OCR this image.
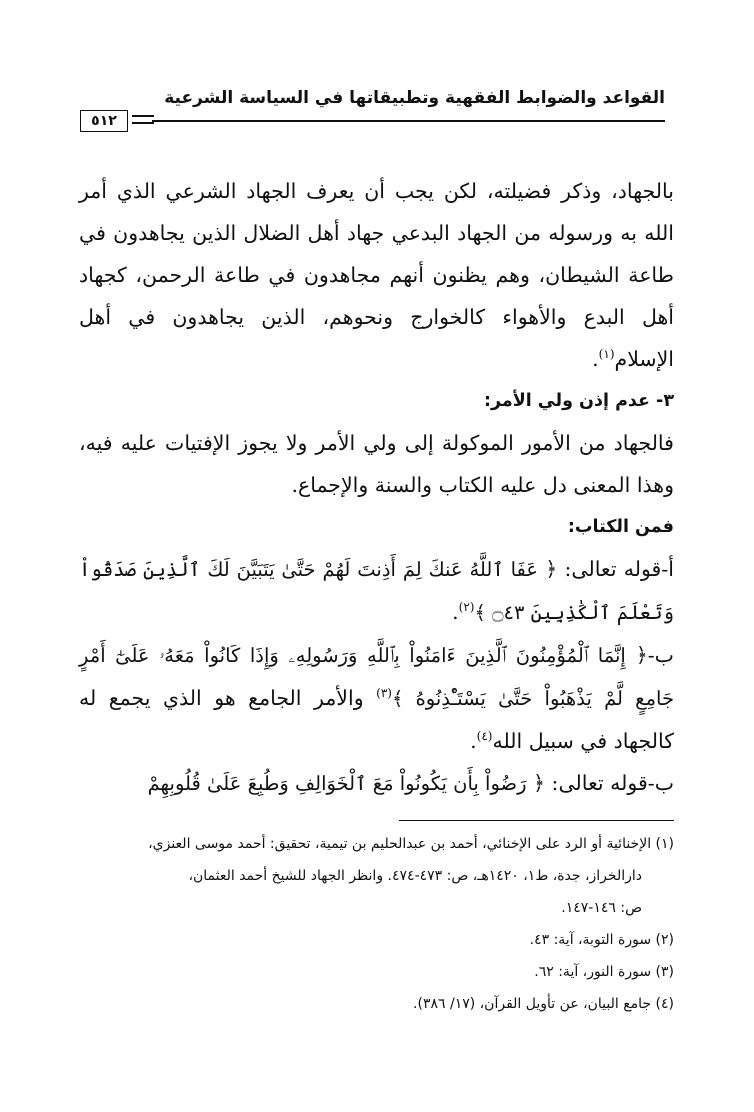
القواعد والضوابط الفقهية وتطبيقاتها في السياسة الشرعية
٥١٢

بالجهاد، وذكر فضيلته، لكن يجب أن يعرف الجهاد الشرعي الذي أمر الله به ورسوله من الجهاد البدعي جهاد أهل الضلال الذين يجاهدون في طاعة الشيطان، وهم يظنون أنهم مجاهدون في طاعة الرحمن، كجهاد أهل البدع والأهواء كالخوارج ونحوهم، الذين يجاهدون في أهل الإسلام$^{(١)}$.

٣- عدم إذن ولي الأمر:

فالجهاد من الأمور الموكولة إلى ولي الأمر ولا يجوز الإفتيات عليه فيه، وهذا المعنى دل عليه الكتاب والسنة والإجماع.

فمن الكتاب:

أ-قوله تعالى: ﴿ عَفَا ٱللَّهُ عَنكَ لِمَ أَذِنتَ لَهُمْ حَتَّىٰ يَتَبَيَّنَ لَكَ ٱلَّذِينَ صَدَقُواْ وَتَعْلَمَ ٱلْكَٰذِبِينَ ۝٤٣ ﴾$^{(٢)}$.

ب-﴿ إِنَّمَا ٱلْمُؤْمِنُونَ ٱلَّذِينَ ءَامَنُواْ بِٱللَّهِ وَرَسُولِهِۦ وَإِذَا كَانُواْ مَعَهُۥ عَلَىٰٓ أَمْرٍ جَامِعٍ لَّمْ يَذْهَبُواْ حَتَّىٰ يَسْتَـْٔذِنُوهُ ﴾$^{(٣)}$ والأمر الجامع هو الذي يجمع له كالجهاد في سبيل الله$^{(٤)}$.

ب-قوله تعالى: ﴿ رَضُواْ بِأَن يَكُونُواْ مَعَ ٱلْخَوَالِفِ وَطُبِعَ عَلَىٰ قُلُوبِهِمْ

(١) الإخنائية أو الرد على الإخنائي، أحمد بن عبدالحليم بن تيمية، تحقيق: أحمد موسى العنزي،

دارالخراز، جدة، ط١، ١٤٢٠هـ، ص: ٤٧٣-٤٧٤. وانظر الجهاد للشيخ أحمد العثمان،

ص: ١٤٦-١٤٧.

(٢) سورة التوبة، آية: ٤٣.

(٣) سورة النور، آية: ٦٢.

(٤) جامع البيان، عن تأويل القرآن، (١٧/ ٣٨٦).
